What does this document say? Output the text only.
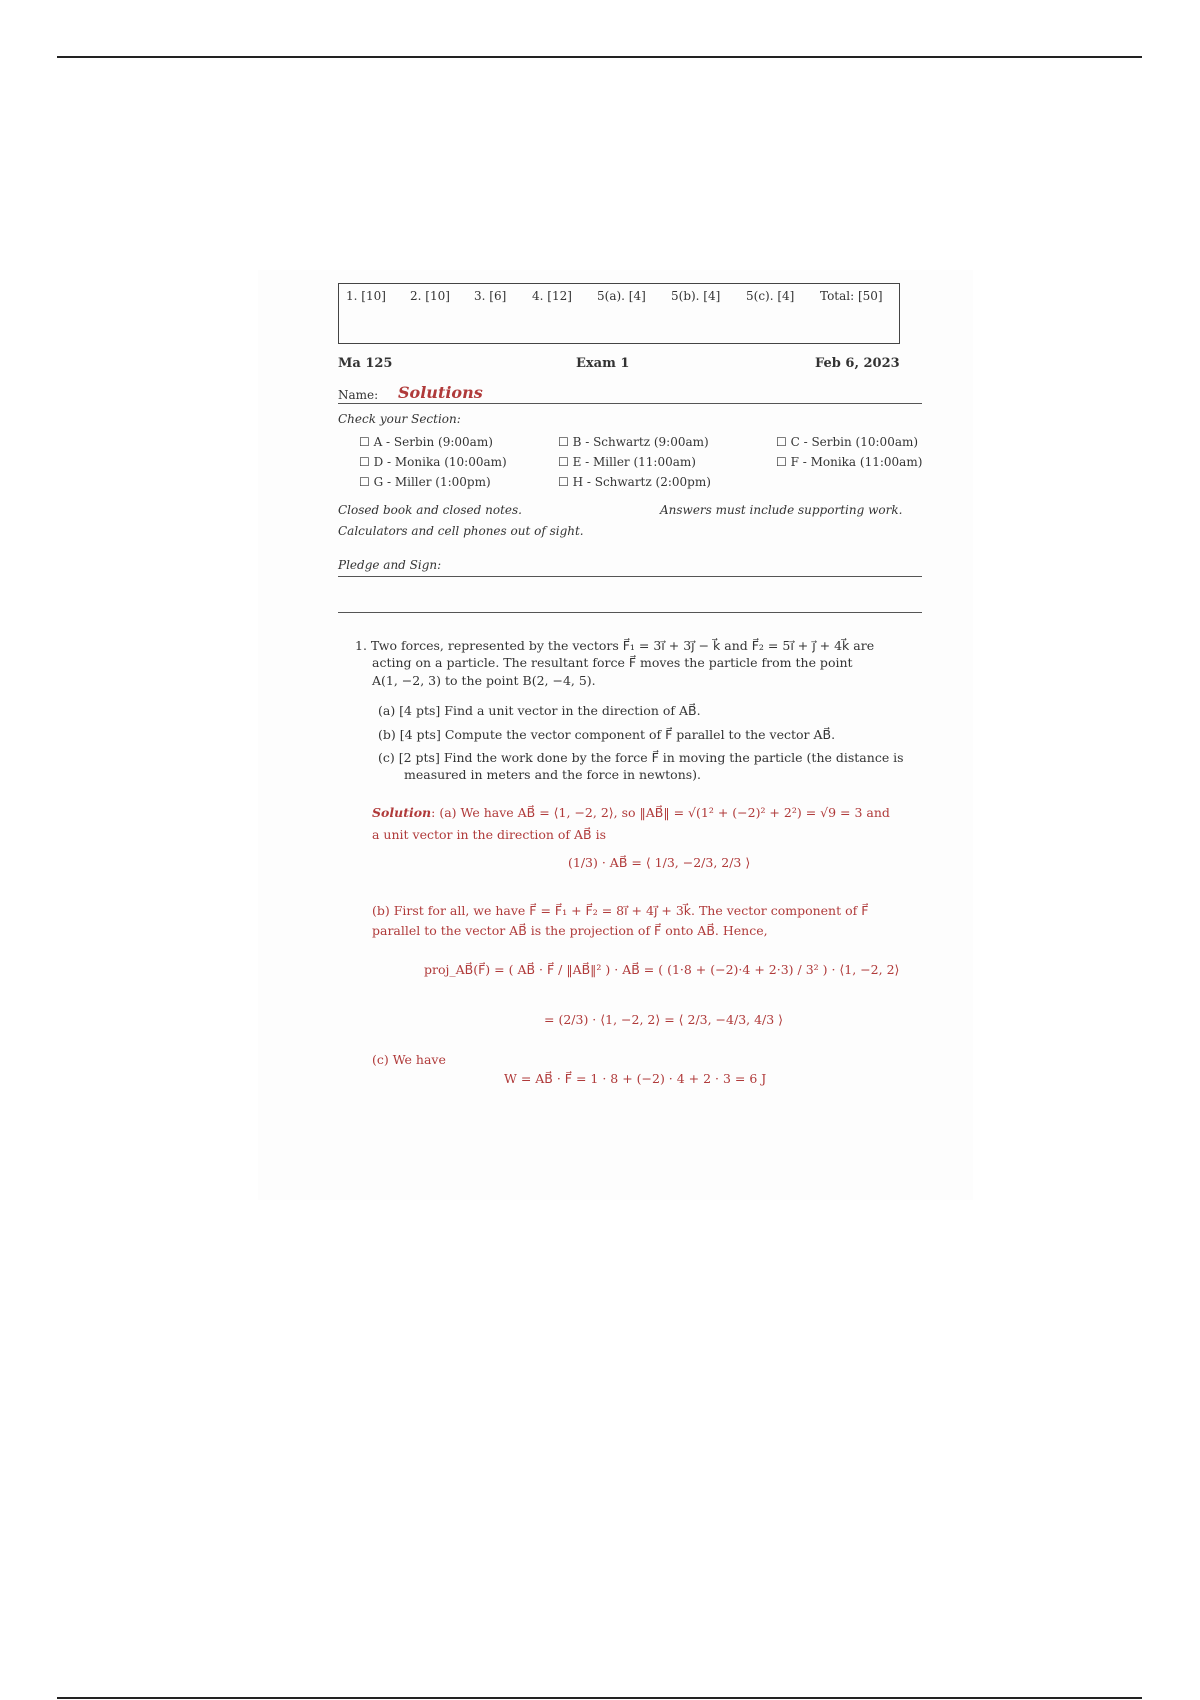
1. [10] 2. [10] 3. [6] 4. [12] 5(a). [4] 5(b). [4] 5(c). [4] Total: [50]
Ma 125	Exam 1	Feb 6, 2023
Name: Solutions
Check your Section:
☐ A - Serbin (9:00am)	☐ B - Schwartz (9:00am)	☐ C - Serbin (10:00am)
☐ D - Monika (10:00am)	☐ E - Miller (11:00am)	☐ F - Monika (11:00am)
☐ G - Miller (1:00pm)	☐ H - Schwartz (2:00pm)
Closed book and closed notes.	Answers must include supporting work.
Calculators and cell phones out of sight.
Pledge and Sign:
1. Two forces, represented by the vectors F⃗₁ = 3i⃗ + 3j⃗ − k⃗ and F⃗₂ = 5i⃗ + j⃗ + 4k⃗ are
acting on a particle. The resultant force F⃗ moves the particle from the point
A(1, −2, 3) to the point B(2, −4, 5).
(a) [4 pts] Find a unit vector in the direction of AB⃗.
(b) [4 pts] Compute the vector component of F⃗ parallel to the vector AB⃗.
(c) [2 pts] Find the work done by the force F⃗ in moving the particle (the distance is
measured in meters and the force in newtons).
Solution: (a) We have AB⃗ = ⟨1, −2, 2⟩, so ‖AB⃗‖ = √(1² + (−2)² + 2²) = √9 = 3 and
a unit vector in the direction of AB⃗ is
(1/3) · AB⃗ = ⟨ 1/3, −2/3, 2/3 ⟩
(b) First for all, we have F⃗ = F⃗₁ + F⃗₂ = 8i⃗ + 4j⃗ + 3k⃗. The vector component of F⃗
parallel to the vector AB⃗ is the projection of F⃗ onto AB⃗. Hence,
proj_AB⃗(F⃗) = ( AB⃗ · F⃗ / ‖AB⃗‖² ) · AB⃗ = ( (1·8 + (−2)·4 + 2·3) / 3² ) · ⟨1, −2, 2⟩
= (2/3) · ⟨1, −2, 2⟩ = ⟨ 2/3, −4/3, 4/3 ⟩
(c) We have
W = AB⃗ · F⃗ = 1 · 8 + (−2) · 4 + 2 · 3 = 6 J
